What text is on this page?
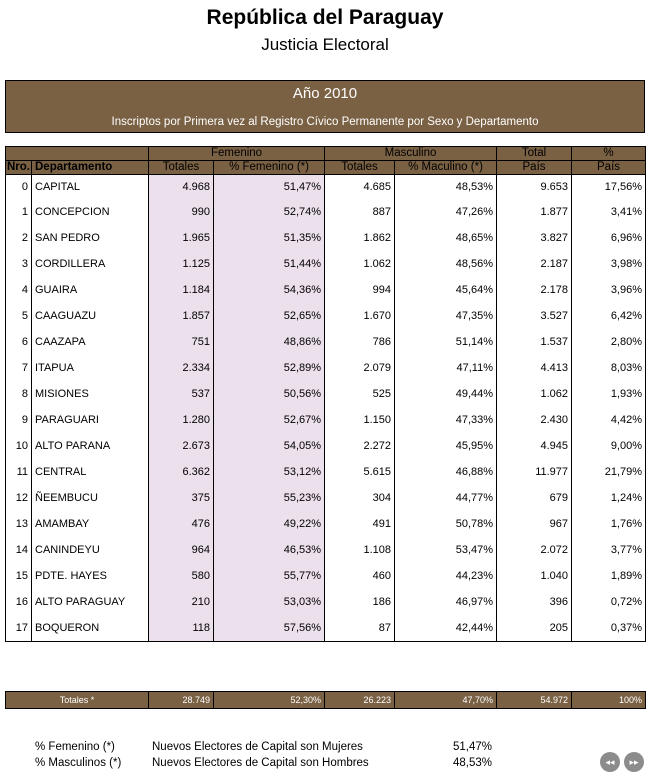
República del Paraguay
Justicia Electoral
Año 2010
Inscriptos por Primera vez al Registro Cívico Permanente por Sexo y Departamento
		Femenino		Masculino		Total	%
Nro.	Departamento	Totales	% Femenino (*)	Totales	% Maculino (*)	País	País
0	CAPITAL	4.968	51,47%	4.685	48,53%	9.653	17,56%
1	CONCEPCION	990	52,74%	887	47,26%	1.877	3,41%
2	SAN PEDRO	1.965	51,35%	1.862	48,65%	3.827	6,96%
3	CORDILLERA	1.125	51,44%	1.062	48,56%	2.187	3,98%
4	GUAIRA	1.184	54,36%	994	45,64%	2.178	3,96%
5	CAAGUAZU	1.857	52,65%	1.670	47,35%	3.527	6,42%
6	CAAZAPA	751	48,86%	786	51,14%	1.537	2,80%
7	ITAPUA	2.334	52,89%	2.079	47,11%	4.413	8,03%
8	MISIONES	537	50,56%	525	49,44%	1.062	1,93%
9	PARAGUARI	1.280	52,67%	1.150	47,33%	2.430	4,42%
10	ALTO PARANA	2.673	54,05%	2.272	45,95%	4.945	9,00%
11	CENTRAL	6.362	53,12%	5.615	46,88%	11.977	21,79%
12	ÑEEMBUCU	375	55,23%	304	44,77%	679	1,24%
13	AMAMBAY	476	49,22%	491	50,78%	967	1,76%
14	CANINDEYU	964	46,53%	1.108	53,47%	2.072	3,77%
15	PDTE. HAYES	580	55,77%	460	44,23%	1.040	1,89%
16	ALTO PARAGUAY	210	53,03%	186	46,97%	396	0,72%
17	BOQUERON	118	57,56%	87	42,44%	205	0,37%
Totales *	28.749	52,30%	26.223	47,70%	54.972	100%
% Femenino (*)	Nuevos Electores de Capital son Mujeres	51,47%
% Masculinos (*)	Nuevos Electores de Capital son Hombres	48,53%	◂◂	▸▸
